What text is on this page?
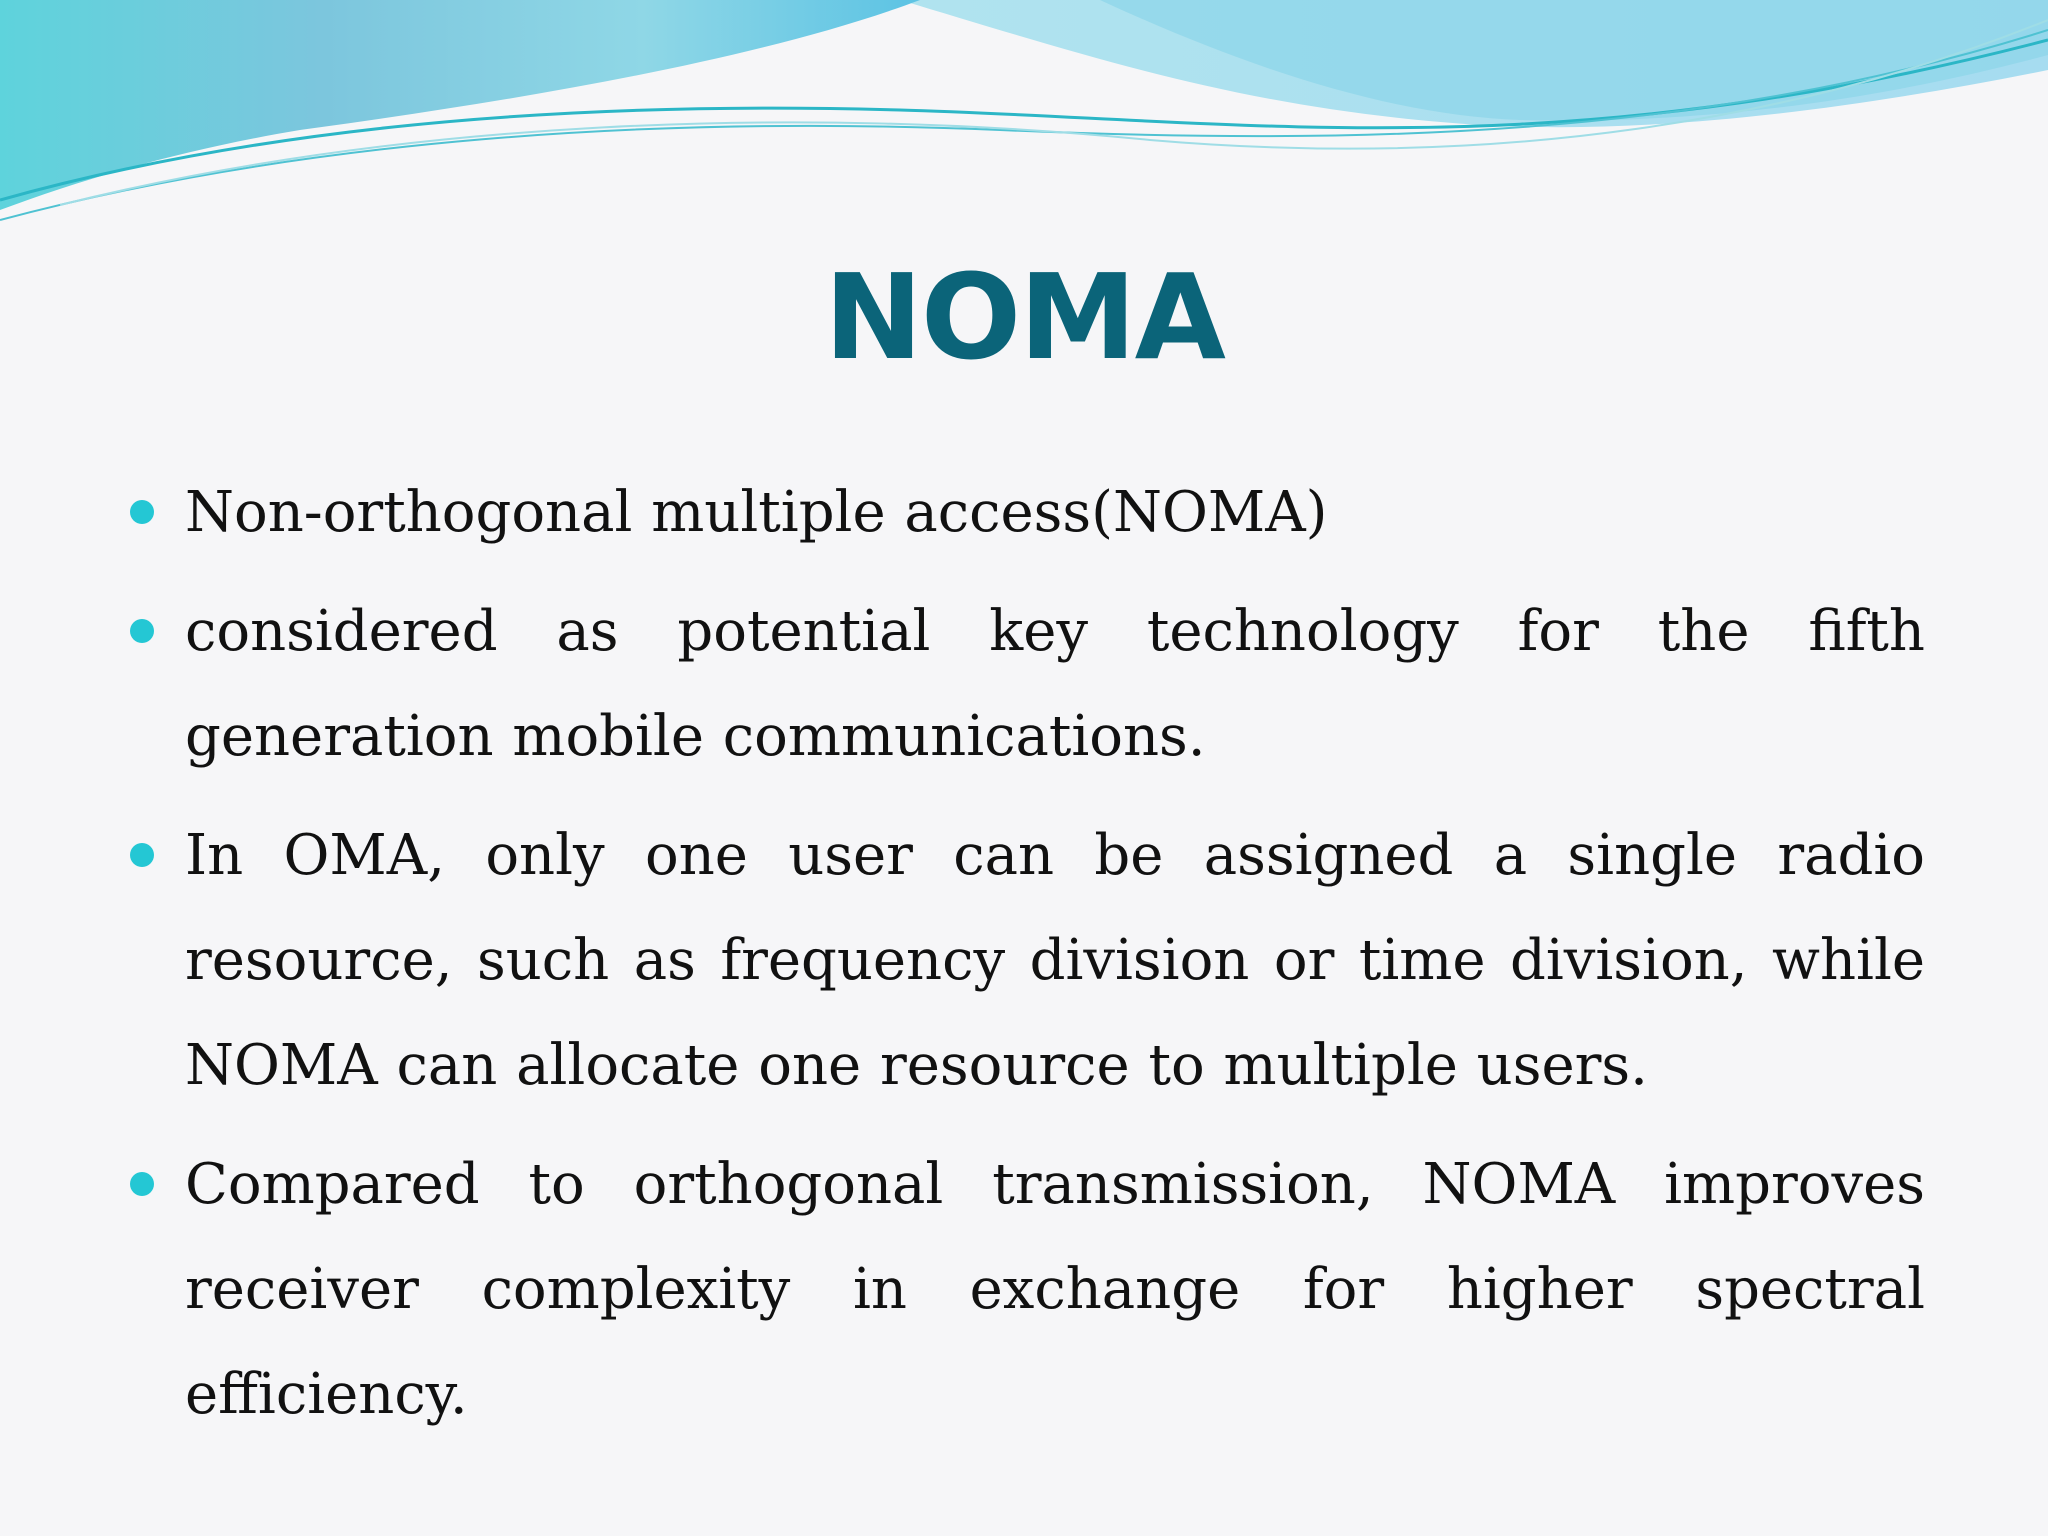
NOMA
Non-orthogonal multiple access(NOMA)
considered as potential key technology for the fifth generation mobile communications.
In OMA, only one user can be assigned a single radio resource, such as frequency division or time division, while NOMA can allocate one resource to multiple users.
Compared to orthogonal transmission, NOMA improves receiver complexity in exchange for higher spectral efficiency.
